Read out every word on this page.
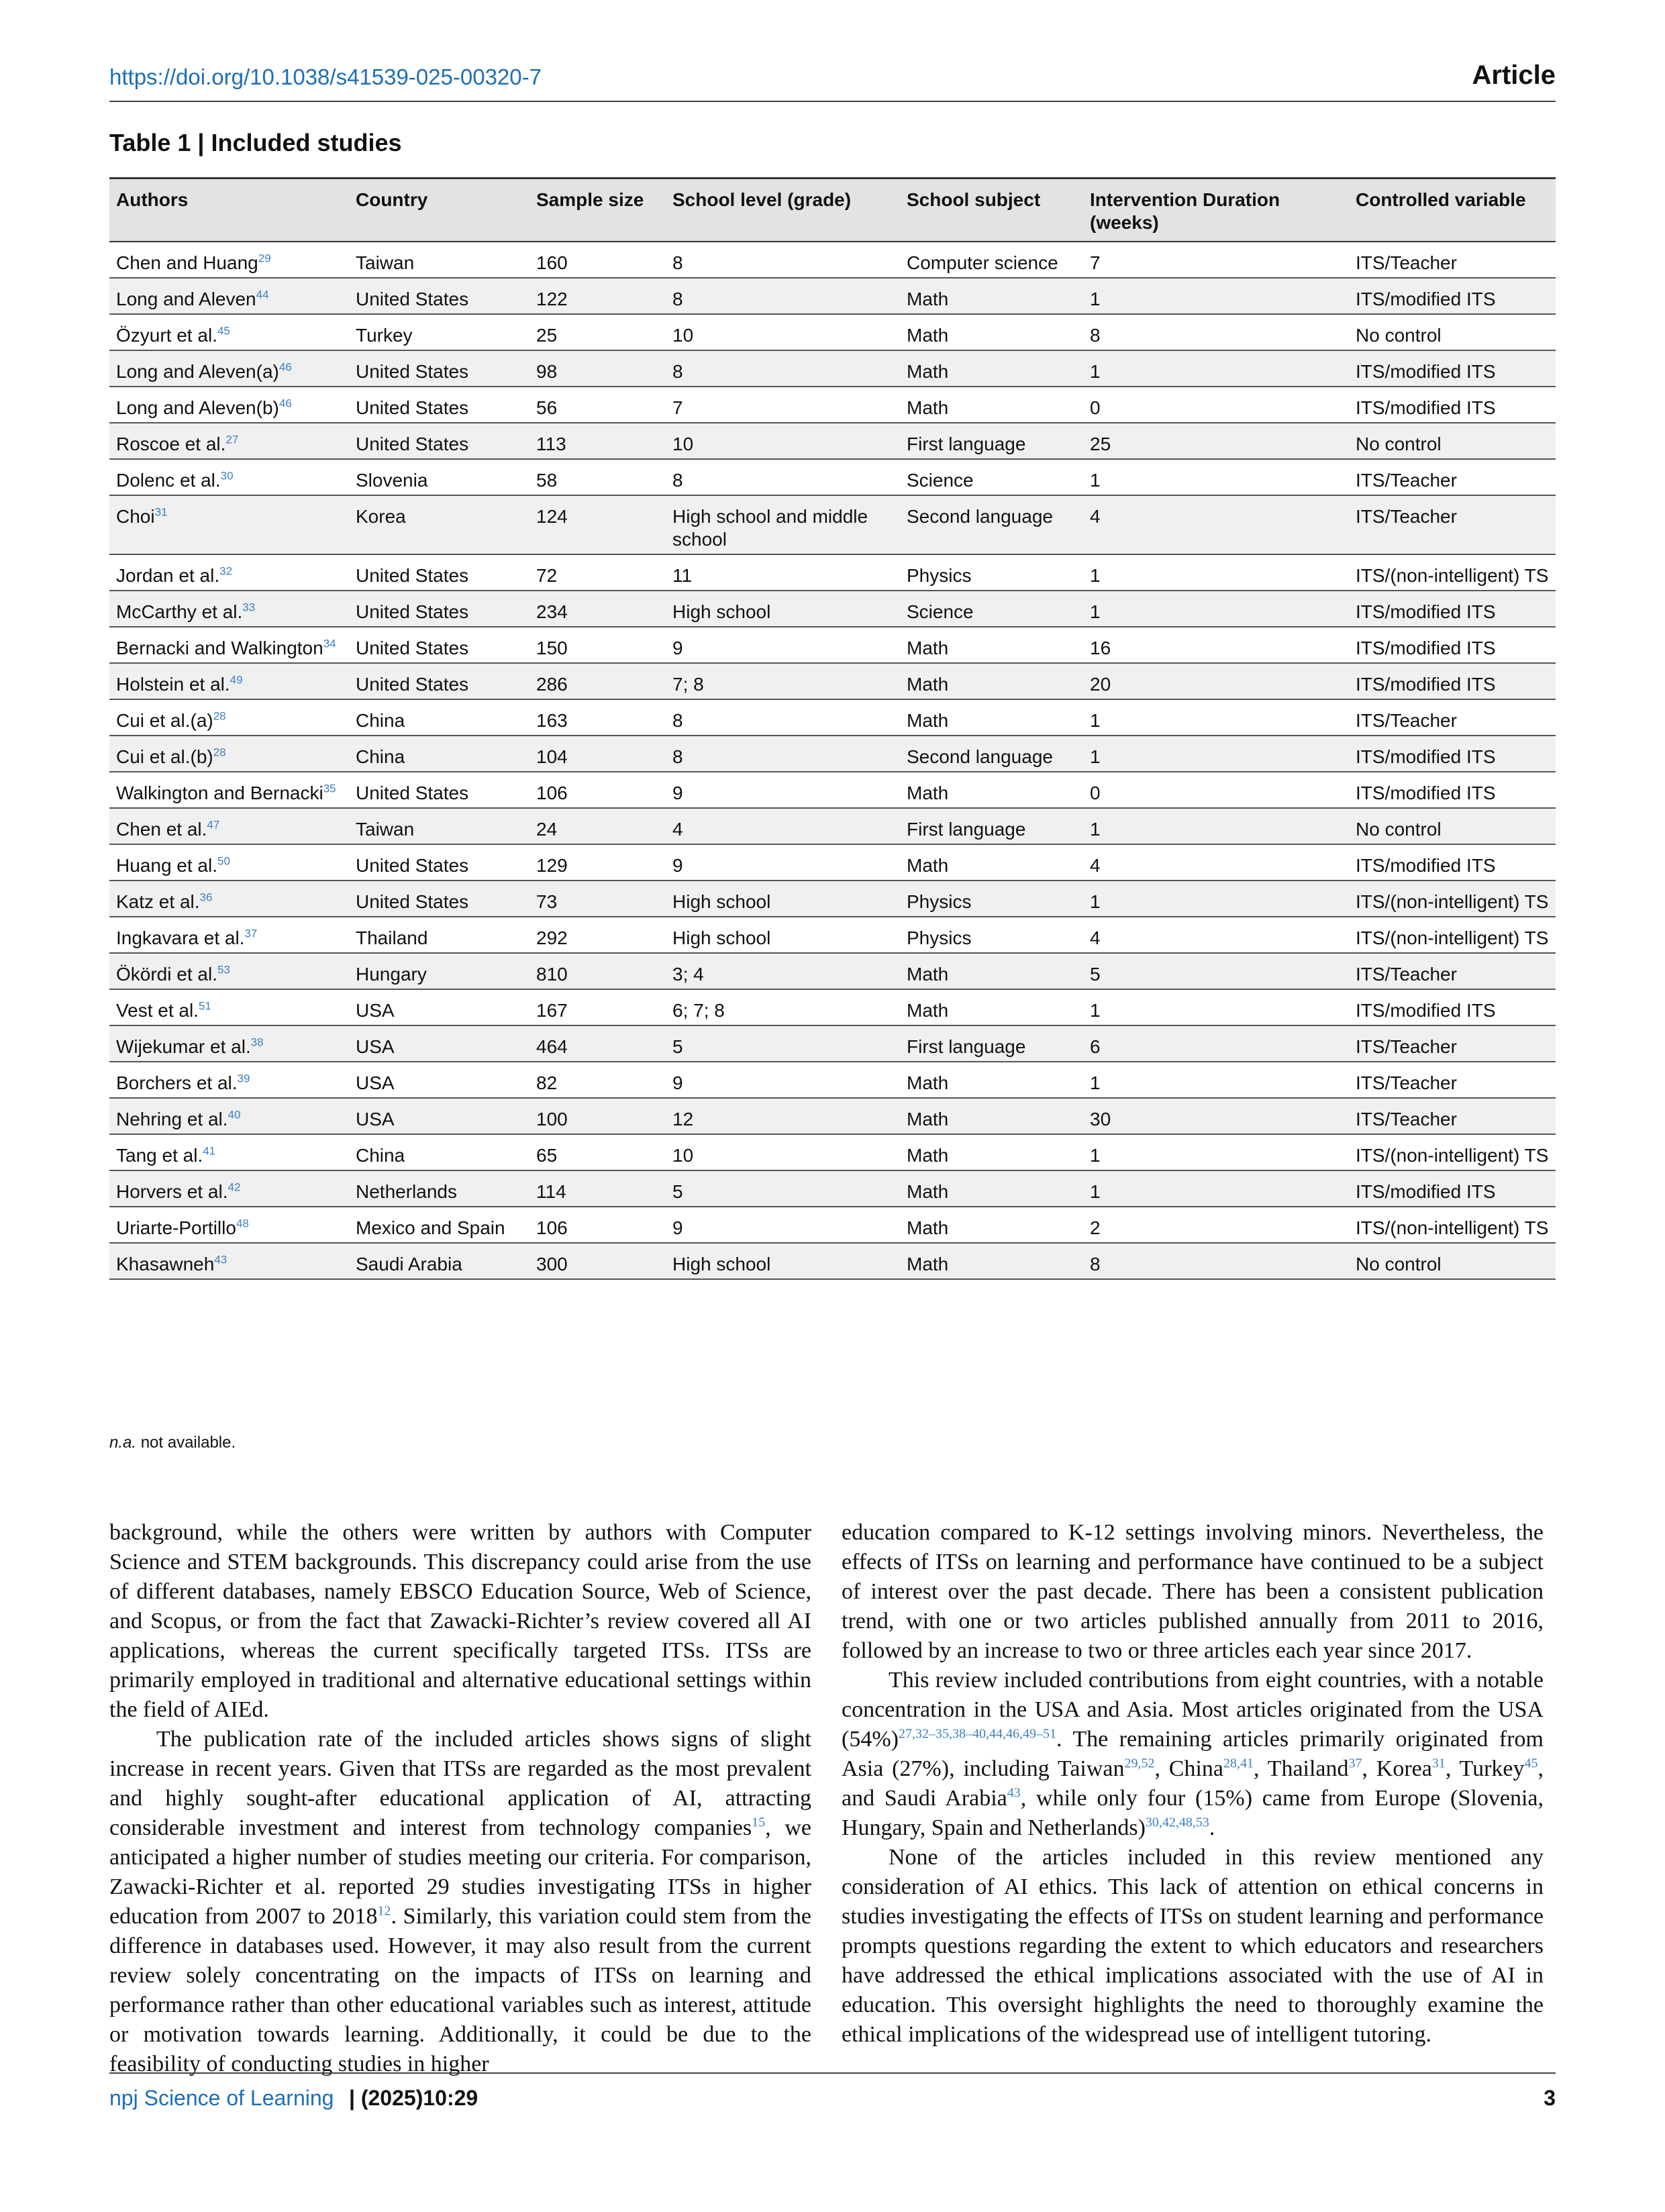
https://doi.org/10.1038/s41539-025-00320-7	Article
Table 1 | Included studies
Authors	Country	Sample size	School level (grade)	School subject	Intervention Duration (weeks)	Controlled variable
Chen and Huang$^{29}$	Taiwan	160	8	Computer science	7	ITS/Teacher
Long and Aleven$^{44}$	United States	122	8	Math	1	ITS/modified ITS
Özyurt et al.$^{45}$	Turkey	25	10	Math	8	No control
Long and $Aleven(a)^{46}$	United States	98	8	Math	1	ITS/modified ITS
Long and $Aleven(b)^{46}$	United States	56	7	Math	0	ITS/modified ITS
Roscoe et al.$^{27}$	United States	113	10	First language	25	No control
Dolenc et al.$^{30}$	Slovenia	58	8	Science	1	ITS/Teacher
Choi$^{31}$	Korea	124	High school and middle school	Second language	4	ITS/Teacher
Jordan et al.$^{32}$	United States	72	11	Physics	1	ITS/(non-intelligent) TS
McCarthy et al.$^{33}$	United States	234	High school	Science	1	ITS/modified ITS
Bernacki and Walkington$^{34}$	United States	150	9	Math	16	ITS/modified ITS
Holstein et al.$^{49}$	United States	286	7; 8	Math	20	ITS/modified ITS
Cui et $al.(a)^{28}$	China	163	8	Math	1	ITS/Teacher
Cui et $al.(b)^{28}$	China	104	8	Second language	1	ITS/modified ITS
Walkington and Bernacki$^{35}$	United States	106	9	Math	0	ITS/modified ITS
Chen et al.$^{47}$	Taiwan	24	4	First language	1	No control
Huang et al.$^{50}$	United States	129	9	Math	4	ITS/modified ITS
Katz et al.$^{36}$	United States	73	High school	Physics	1	ITS/(non-intelligent) TS
Ingkavara et al.$^{37}$	Thailand	292	High school	Physics	4	ITS/(non-intelligent) TS
Ökördi et al.$^{53}$	Hungary	810	3; 4	Math	5	ITS/Teacher
Vest et al.$^{51}$	USA	167	6; 7; 8	Math	1	ITS/modified ITS
Wijekumar et al.$^{38}$	USA	464	5	First language	6	ITS/Teacher
Borchers et al.$^{39}$	USA	82	9	Math	1	ITS/Teacher
Nehring et al.$^{40}$	USA	100	12	Math	30	ITS/Teacher
Tang et al.$^{41}$	China	65	10	Math	1	ITS/(non-intelligent) TS
Horvers et al.$^{42}$	Netherlands	114	5	Math	1	ITS/modified ITS
Uriarte-Portillo$^{48}$	Mexico and Spain	106	9	Math	2	ITS/(non-intelligent) TS
Khasawneh$^{43}$	Saudi Arabia	300	High school	Math	8	No control
n.a. not available.

background, while the others were written by authors with Computer Science and STEM backgrounds. This discrepancy could arise from the use of different databases, namely EBSCO Education Source, Web of Science, and Scopus, or from the fact that Zawacki-Richter’s review covered all AI applications, whereas the current specifically targeted ITSs. ITSs are primarily employed in traditional and alternative educational settings within the field of AIEd.

The publication rate of the included articles shows signs of slight increase in recent years. Given that ITSs are regarded as the most prevalent and highly sought-after educational application of AI, attracting considerable investment and interest from technology companies$^{15}$, we anticipated a higher number of studies meeting our criteria. For comparison, Zawacki-Richter et al. reported 29 studies investigating ITSs in higher education from 2007 to 2018$^{12}$. Similarly, this variation could stem from the difference in databases used. However, it may also result from the current review solely concentrating on the impacts of ITSs on learning and performance rather than other educational variables such as interest, attitude or motivation towards learning. Additionally, it could be due to the feasibility of conducting studies in higher

education compared to K-12 settings involving minors. Nevertheless, the effects of ITSs on learning and performance have continued to be a subject of interest over the past decade. There has been a consistent publication trend, with one or two articles published annually from 2011 to 2016, followed by an increase to two or three articles each year since 2017.

This review included contributions from eight countries, with a notable concentration in the USA and Asia. Most articles originated from the USA (54%)$^{27,32-35,38-40,44,46,49-51}$. The remaining articles primarily originated from Asia (27%), including Taiwan$^{29,52}$, China$^{28,41}$, Thailand$^{37}$, Korea$^{31}$, Turkey$^{45}$, and Saudi Arabia$^{43}$, while only four (15%) came from Europe (Slovenia, Hungary, Spain and Netherlands)$^{30,42,48,53}$.

None of the articles included in this review mentioned any consideration of AI ethics. This lack of attention on ethical concerns in studies investigating the effects of ITSs on student learning and performance prompts questions regarding the extent to which educators and researchers have addressed the ethical implications associated with the use of AI in education. This oversight highlights the need to thoroughly examine the ethical implications of the widespread use of intelligent tutoring.

npj Science of Learning | (2025)10:29	3
